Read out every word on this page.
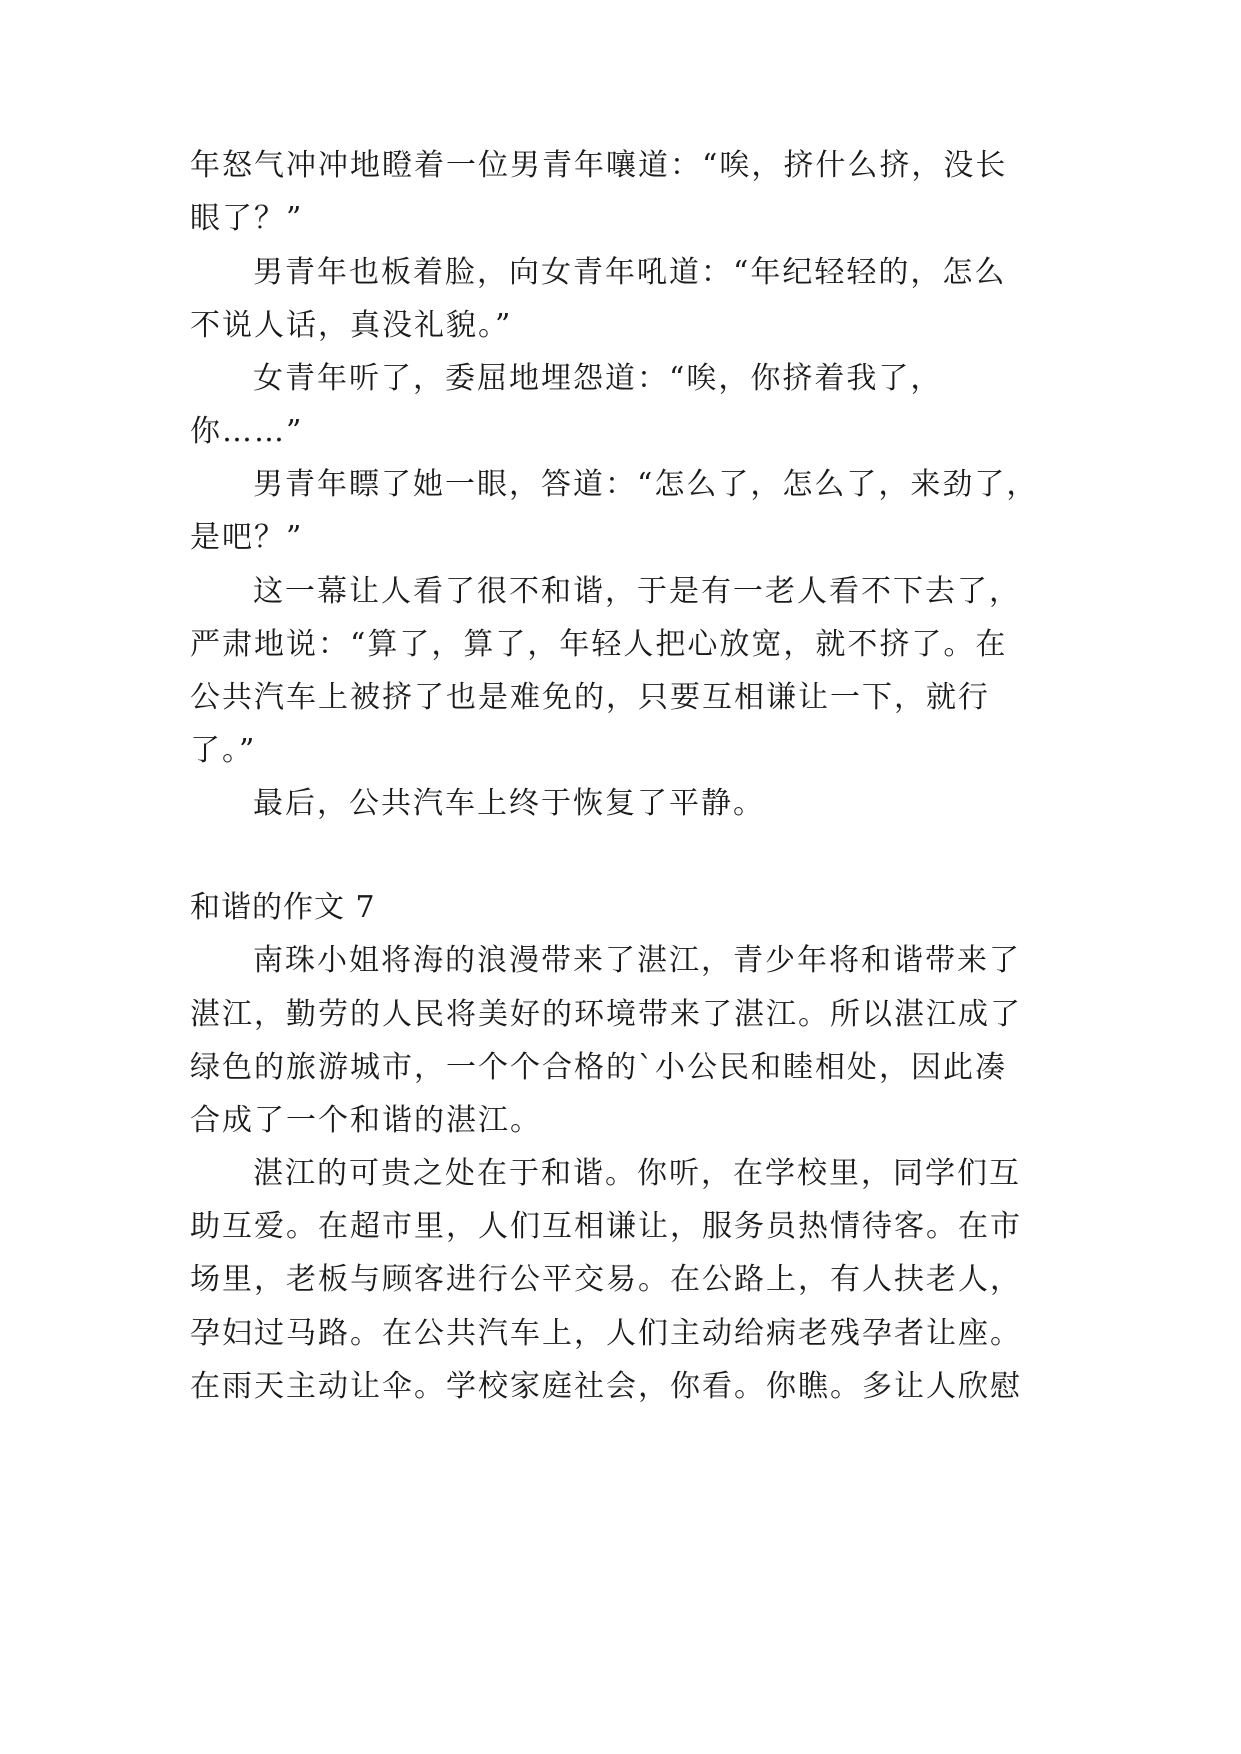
年怒气冲冲地瞪着一位男青年嚷道：“唉，挤什么挤，没长
眼了？”
男青年也板着脸，向女青年吼道：“年纪轻轻的，怎么
不说人话，真没礼貌。”
女青年听了，委屈地埋怨道：“唉，你挤着我了，
你……”
男青年瞟了她一眼，答道：“怎么了，怎么了，来劲了，
是吧？”
这一幕让人看了很不和谐，于是有一老人看不下去了，
严肃地说：“算了，算了，年轻人把心放宽，就不挤了。在
公共汽车上被挤了也是难免的，只要互相谦让一下，就行
了。”
最后，公共汽车上终于恢复了平静。
和谐的作文 7
南珠小姐将海的浪漫带来了湛江，青少年将和谐带来了
湛江，勤劳的人民将美好的环境带来了湛江。所以湛江成了
绿色的旅游城市，一个个合格的`小公民和睦相处，因此凑
合成了一个和谐的湛江。
湛江的可贵之处在于和谐。你听，在学校里，同学们互
助互爱。在超市里，人们互相谦让，服务员热情待客。在市
场里，老板与顾客进行公平交易。在公路上，有人扶老人，
孕妇过马路。在公共汽车上，人们主动给病老残孕者让座。
在雨天主动让伞。学校家庭社会，你看。你瞧。多让人欣慰
